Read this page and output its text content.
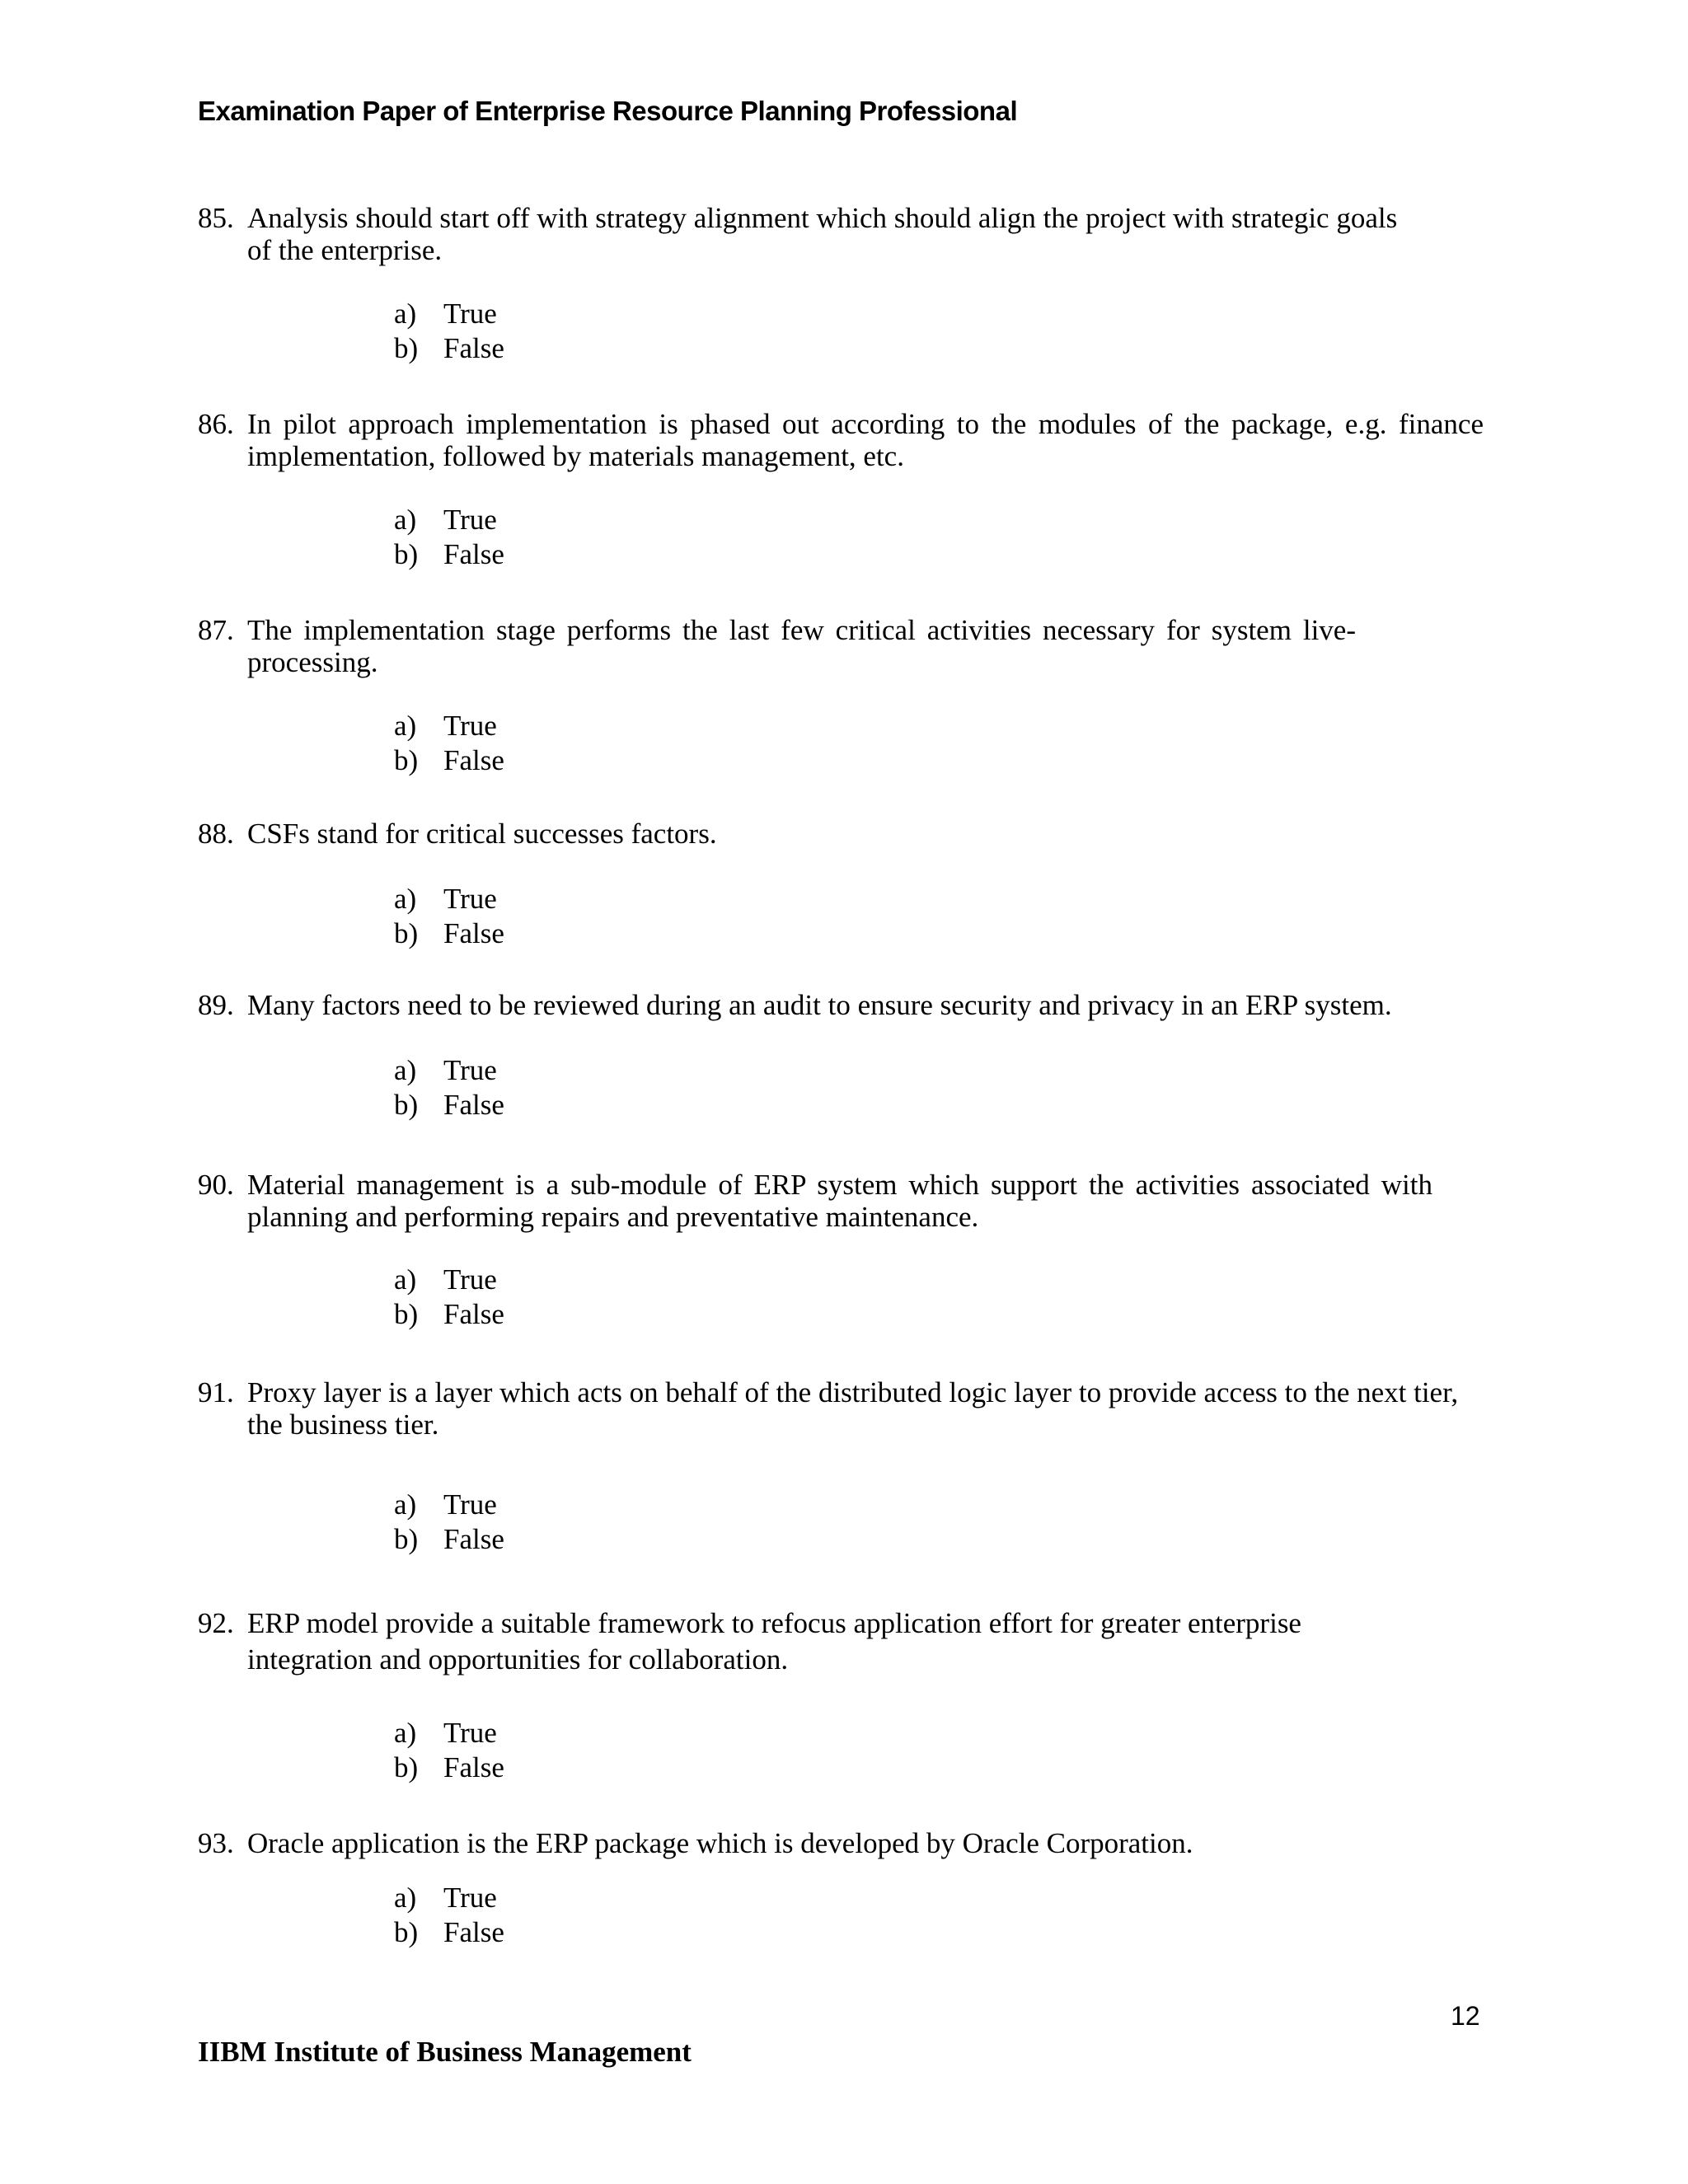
Examination Paper of Enterprise Resource Planning Professional
85. Analysis should start off with strategy alignment which should align the project with strategic goals of the enterprise.
a) True
b) False
86. In pilot approach implementation is phased out according to the modules of the package, e.g. finance implementation, followed by materials management, etc.
a) True
b) False
87. The implementation stage performs the last few critical activities necessary for system live-processing.
a) True
b) False
88. CSFs stand for critical successes factors.
a) True
b) False
89. Many factors need to be reviewed during an audit to ensure security and privacy in an ERP system.
a) True
b) False
90. Material management is a sub-module of ERP system which support the activities associated with planning and performing repairs and preventative maintenance.
a) True
b) False
91. Proxy layer is a layer which acts on behalf of the distributed logic layer to provide access to the next tier, the business tier.
a) True
b) False
92. ERP model provide a suitable framework to refocus application effort for greater enterprise integration and opportunities for collaboration.
a) True
b) False
93. Oracle application is the ERP package which is developed by Oracle Corporation.
a) True
b) False
12
IIBM Institute of Business Management
